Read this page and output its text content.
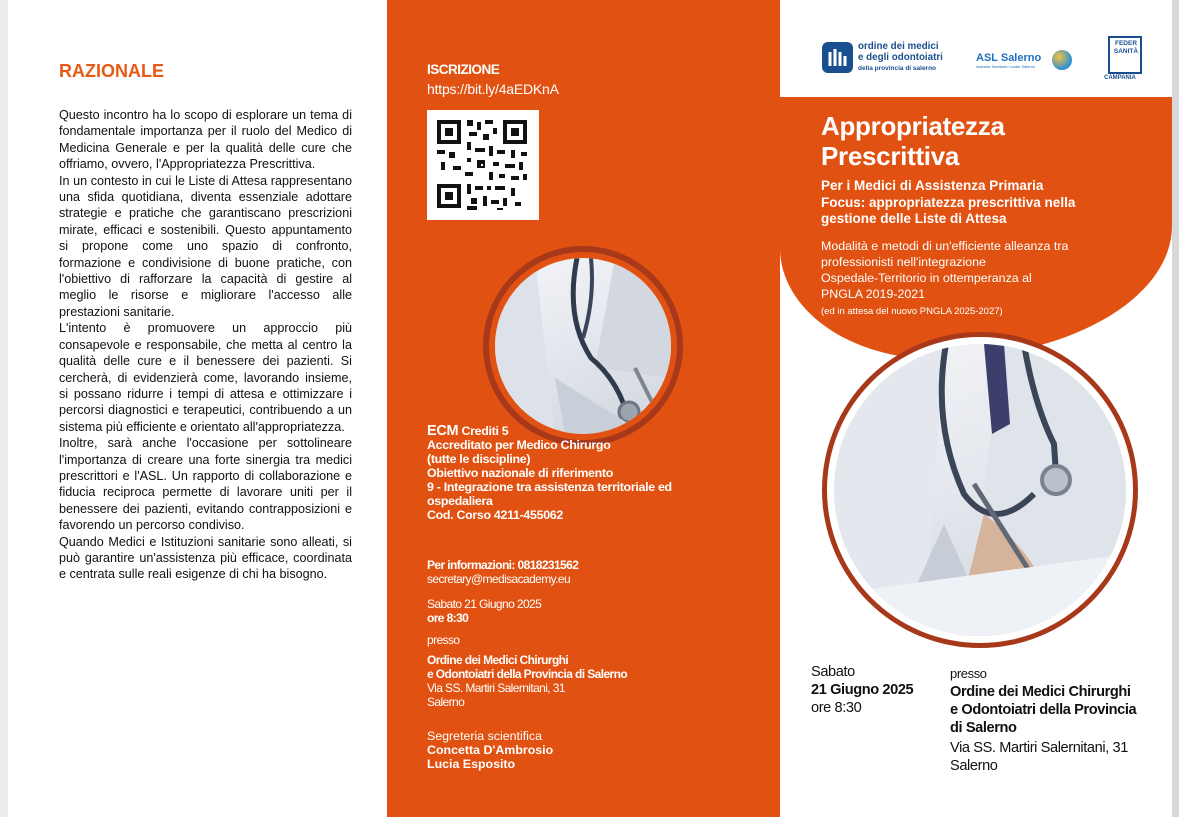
RAZIONALE

Questo incontro ha lo scopo di esplorare un tema di fondamentale importanza per il ruolo del Medico di Medicina Generale e per la qualità delle cure che offriamo, ovvero, l'Appropriatezza Prescrittiva.

In un contesto in cui le Liste di Attesa rappresentano una sfida quotidiana, diventa essenziale adottare strategie e pratiche che garantiscano prescrizioni mirate, efficaci e sostenibili. Questo appuntamento si propone come uno spazio di confronto, formazione e condivisione di buone pratiche, con l'obiettivo di rafforzare la capacità di gestire al meglio le risorse e migliorare l'accesso alle prestazioni sanitarie.

L'intento è promuovere un approccio più consapevole e responsabile, che metta al centro la qualità delle cure e il benessere dei pazienti. Si cercherà, di evidenzierà come, lavorando insieme, si possano ridurre i tempi di attesa e ottimizzare i percorsi diagnostici e terapeutici, contribuendo a un sistema più efficiente e orientato all'appropriatezza.

Inoltre, sarà anche l'occasione per sottolineare l'importanza di creare una forte sinergia tra medici prescrittori e l'ASL. Un rapporto di collaborazione e fiducia reciproca permette di lavorare uniti per il benessere dei pazienti, evitando contrapposizioni e favorendo un percorso condiviso.

Quando Medici e Istituzioni sanitarie sono alleati, si può garantire un'assistenza più efficace, coordinata e centrata sulle reali esigenze di chi ha bisogno.

ISCRIZIONE
https://bit.ly/4aEDKnA
ECM Crediti 5
Accreditato per Medico Chirurgo
(tutte le discipline)
Obiettivo nazionale di riferimento
9 - Integrazione tra assistenza territoriale ed ospedaliera
Cod. Corso 4211-455062
Per informazioni: 0818231562
secretary@medisacademy.eu
Sabato 21 Giugno 2025
ore 8:30
presso
Ordine dei Medici Chirurghi
e Odontoiatri della Provincia di Salerno
Via SS. Martiri Salernitani, 31
Salerno
Segreteria scientifica
Concetta D'Ambrosio
Lucia Esposito
ordine dei medici
e degli odontoiatri
della provincia di salerno
ASL Salerno
Azienda Sanitaria Locale Salerno
FEDER SANITÀ
CAMPANIA
Appropriatezza
Prescrittiva
Per i Medici di Assistenza Primaria
Focus: appropriatezza prescrittiva nella
gestione delle Liste di Attesa
Modalità e metodi di un'efficiente alleanza tra
professionisti nell'integrazione
Ospedale-Territorio in ottemperanza al
PNGLA 2019-2021
(ed in attesa del nuovo PNGLA 2025-2027)
Sabato
21 Giugno 2025
ore 8:30
presso
Ordine dei Medici Chirurghi
e Odontoiatri della Provincia
di Salerno
Via SS. Martiri Salernitani, 31
Salerno
